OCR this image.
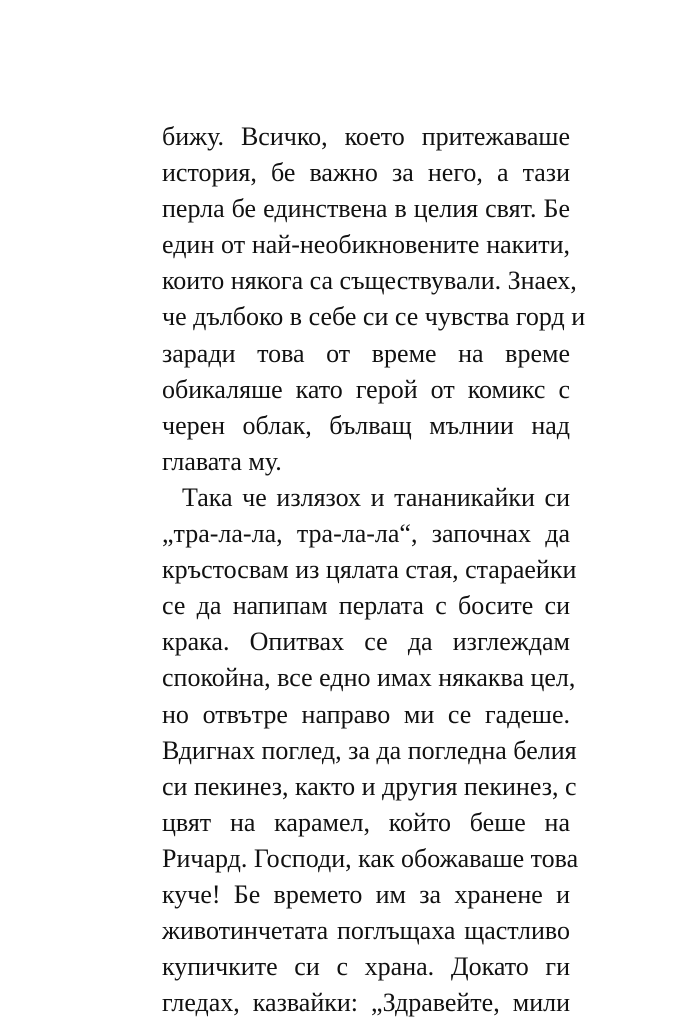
бижу. Всичко, което притежаваше
история, бе важно за него, а тази
перла бе единствена в целия свят. Бе
един от най-необикновените накити,
които някога са съществували. Знаех,
че дълбоко в себе си се чувства горд и
заради това от време на време
обикаляше като герой от комикс с
черен облак, бълващ мълнии над
главата му.
Така че излязох и тананикайки си
„тра-ла-ла, тра-ла-ла“, започнах да
кръстосвам из цялата стая, стараейки
се да напипам перлата с босите си
крака. Опитвах се да изглеждам
спокойна, все едно имах някаква цел,
но отвътре направо ми се гадеше.
Вдигнах поглед, за да погледна белия
си пекинез, както и другия пекинез, с
цвят на карамел, който беше на
Ричард. Господи, как обожаваше това
куче! Бе времето им за хранене и
животинчетата поглъщаха щастливо
купичките си с храна. Докато ги
гледах, казвайки: „Здравейте, мили
